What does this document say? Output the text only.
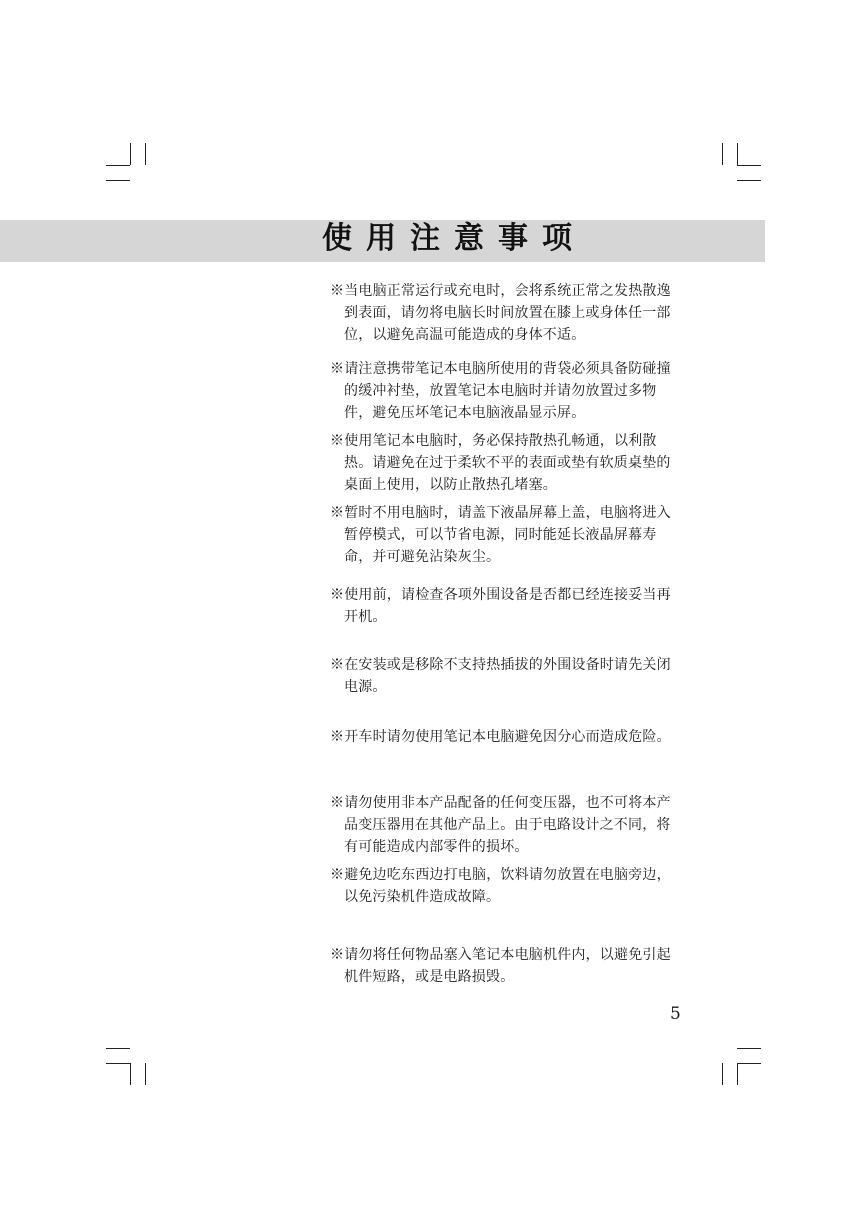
使用注意事项
※当电脑正常运行或充电时，会将系统正常之发热散逸到表面，请勿将电脑长时间放置在膝上或身体任一部位，以避免高温可能造成的身体不适。
※请注意携带笔记本电脑所使用的背袋必须具备防碰撞的缓冲衬垫，放置笔记本电脑时并请勿放置过多物件，避免压坏笔记本电脑液晶显示屏。
※使用笔记本电脑时，务必保持散热孔畅通，以利散热。请避免在过于柔软不平的表面或垫有软质桌垫的桌面上使用，以防止散热孔堵塞。
※暂时不用电脑时，请盖下液晶屏幕上盖，电脑将进入暂停模式，可以节省电源，同时能延长液晶屏幕寿命，并可避免沾染灰尘。
※使用前，请检查各项外围设备是否都已经连接妥当再开机。
※在安装或是移除不支持热插拔的外围设备时请先关闭电源。
※开车时请勿使用笔记本电脑避免因分心而造成危险。
※请勿使用非本产品配备的任何变压器，也不可将本产品变压器用在其他产品上。由于电路设计之不同，将有可能造成内部零件的损坏。
※避免边吃东西边打电脑，饮料请勿放置在电脑旁边，以免污染机件造成故障。
※请勿将任何物品塞入笔记本电脑机件内，以避免引起机件短路，或是电路损毁。
5
